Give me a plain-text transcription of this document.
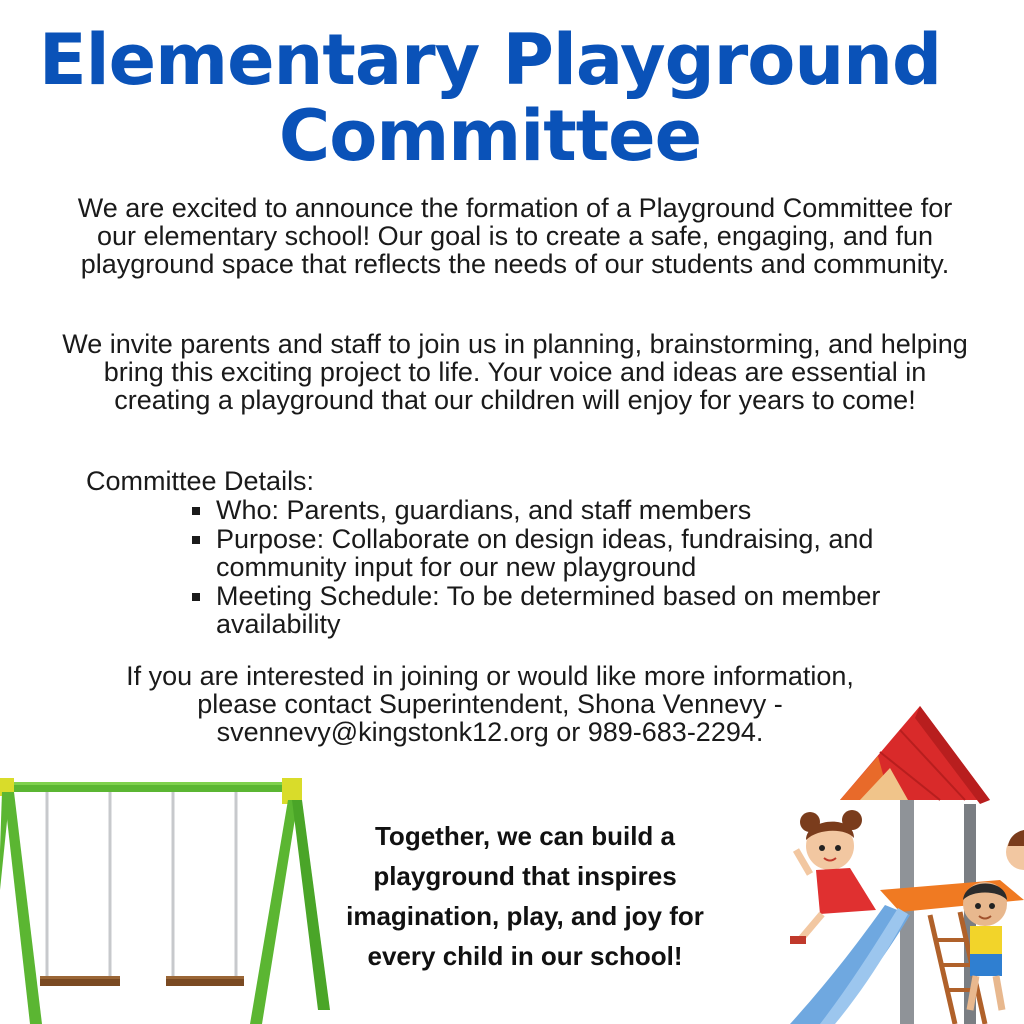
Elementary Playground
Committee

We are excited to announce the formation of a Playground Committee for our elementary school! Our goal is to create a safe, engaging, and fun playground space that reflects the needs of our students and community.

We invite parents and staff to join us in planning, brainstorming, and helping bring this exciting project to life. Your voice and ideas are essential in creating a playground that our children will enjoy for years to come!

Committee Details:

Who: Parents, guardians, and staff members
Purpose: Collaborate on design ideas, fundraising, and community input for our new playground
Meeting Schedule: To be determined based on member availability

If you are interested in joining or would like more information, please contact Superintendent, Shona Vennevy - svennevy@kingstonk12.org or 989-683-2294.

Together, we can build a playground that inspires imagination, play, and joy for every child in our school!
